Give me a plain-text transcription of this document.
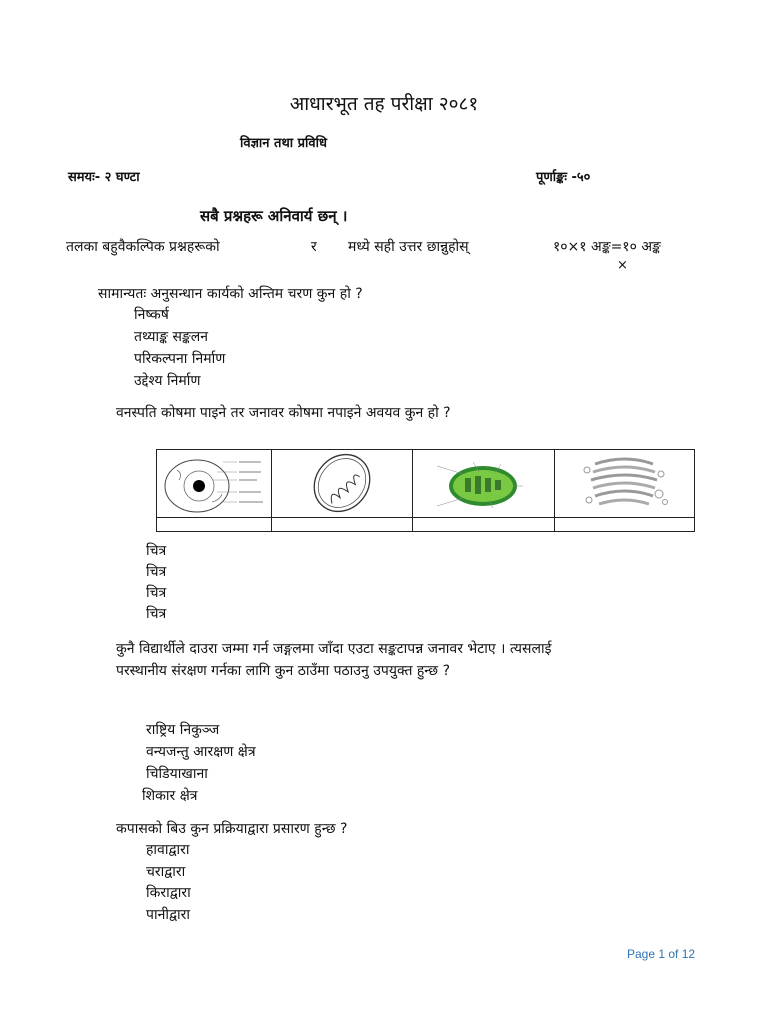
आधारभूत तह परीक्षा २०८१
विज्ञान तथा प्रविधि
समयः- २ घण्टा	पूर्णाङ्कः -५०
सबै प्रश्नहरू अनिवार्य छन् ।
तलका बहुवैकल्पिक प्रश्नहरूको	र मध्ये सही उत्तर छान्नुहोस्	१०×१ अङ्क=१० अङ्क
×
सामान्यतः अनुसन्धान कार्यको अन्तिम चरण कुन हो ?
निष्कर्ष
तथ्याङ्क सङ्कलन
परिकल्पना निर्माण
उद्देश्य निर्माण
वनस्पति कोषमा पाइने तर जनावर कोषमा नपाइने अवयव कुन हो ?
चित्र
चित्र
चित्र
चित्र
कुनै विद्यार्थीले दाउरा जम्मा गर्न जङ्गलमा जाँदा एउटा सङ्कटापन्न जनावर भेटाए । त्यसलाई
परस्थानीय संरक्षण गर्नका लागि कुन ठाउँमा पठाउनु उपयुक्त हुन्छ ?
राष्ट्रिय निकुञ्ज
वन्यजन्तु आरक्षण क्षेत्र
चिडियाखाना
शिकार क्षेत्र
कपासको बिउ कुन प्रक्रियाद्वारा प्रसारण हुन्छ ?
हावाद्वारा
चराद्वारा
किराद्वारा
पानीद्वारा
Page 1 of 12
